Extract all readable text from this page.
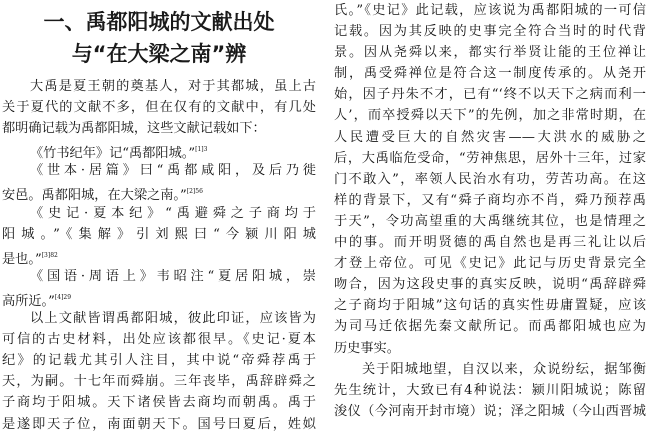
一、禹都阳城的文献出处
与“在大梁之南”辨
大禹是夏王朝的奠基人，对于其都城，虽上古
关于夏代的文献不多，但在仅有的文献中，有几处
都明确记载为禹都阳城，这些文献记载如下：
《竹书纪年》记“禹都阳城。”$^{[1]3}$
《世本·居篇》曰“禹都咸阳，及后乃徙
安邑。禹都阳城，在大梁之南。”$^{[2]56}$
《史记·夏本纪》“禹避舜之子商均于
阳城。”《集解》引刘熙曰“今颍川阳城
是也。”$^{[3]82}$
《国语·周语上》韦昭注“夏居阳城，崇
高所近。”$^{[4]29}$
以上文献皆谓禹都阳城，彼此印证，应该皆为
可信的古史材料，出处应该都很早。《史记·夏本
纪》的记载尤其引人注目，其中说“帝舜荐禹于
天，为嗣。十七年而舜崩。三年丧毕，禹辞辟舜之
子商均于阳城。天下诸侯皆去商均而朝禹。禹于
是遂即天子位，南面朝天下。国号曰夏后，姓姒
氏。”《史记》此记载，应该说为禹都阳城的一可信
记载。因为其反映的史事完全符合当时的时代背
景。因从尧舜以来，都实行举贤让能的王位禅让
制，禹受舜禅位是符合这一制度传承的。从尧开
始，因子丹朱不才，已有“‘终不以天下之病而利一
人’，而卒授舜以天下”的先例，加之非常时期，在
人民遭受巨大的自然灾害——大洪水的威胁之
后，大禹临危受命，“劳神焦思，居外十三年，过家
门不敢入”，率领人民治水有功，劳苦功高。在这
样的背景下，又有“舜子商均亦不肖，舜乃预荐禹
于天”，令功高望重的大禹继统其位，也是情理之
中的事。而开明贤德的禹自然也是再三礼让以后
才登上帝位。可见《史记》此记与历史背景完全
吻合，因为这段史事的真实反映，说明“禹辞辟舜
之子商均于阳城”这句话的真实性毋庸置疑，应该
为司马迁依据先秦文献所记。而禹都阳城也应为
历史事实。
关于阳城地望，自汉以来，众说纷纭，据邹衡
先生统计，大致已有4种说法：颍川阳城说；陈留
浚仪（今河南开封市境）说；泽之阳城（今山西晋城
